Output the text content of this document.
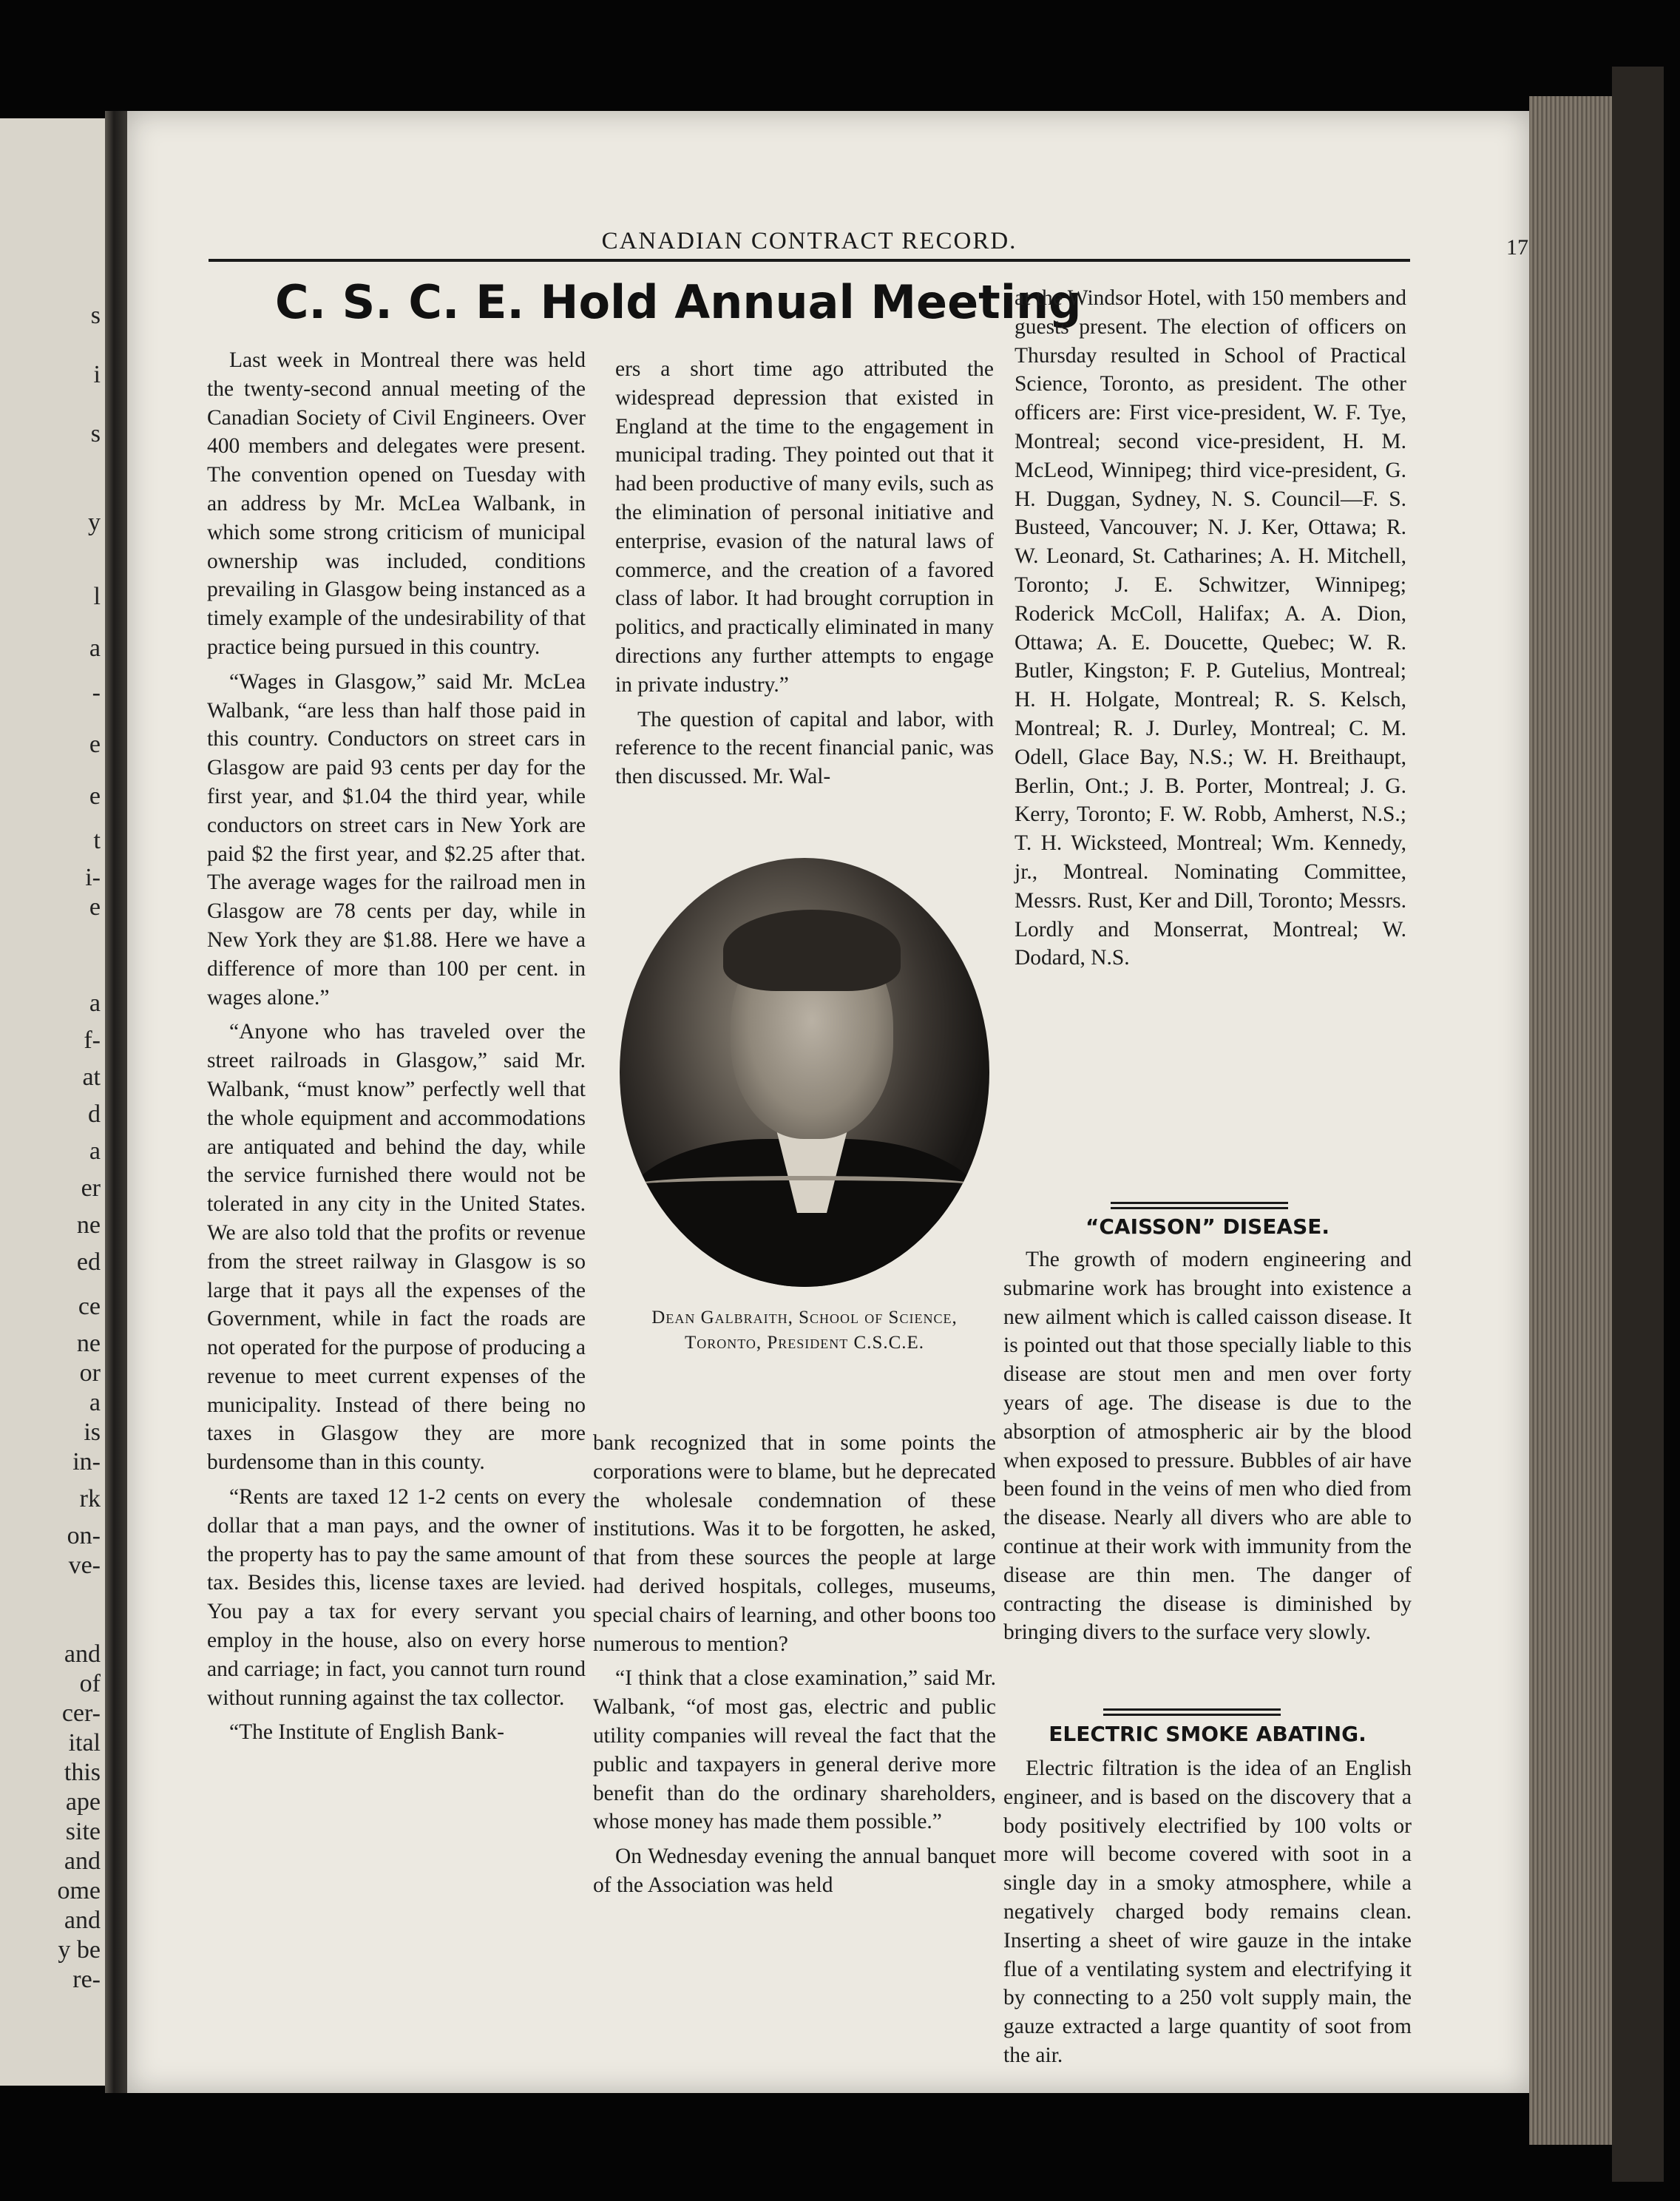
s
i
s
y
l
a
-
e
e
t
i-
e
a
f-
at
d
a
er
ne
ed
ce
ne
or
a
is
in-
rk
on-
ve-
and
of
cer-
ital
this
ape
site
and
ome
and
y be
re-
CANADIAN CONTRACT RECORD.	17
C. S. C. E. Hold Annual Meeting

Last week in Montreal there was held the twenty-second annual meeting of the Canadian Society of Civil Engineers. Over 400 members and delegates were present. The convention opened on Tuesday with an address by Mr. McLea Walbank, in which some strong criticism of municipal ownership was included, conditions prevailing in Glasgow being instanced as a timely example of the undesirability of that practice being pursued in this country.

“Wages in Glasgow,” said Mr. McLea Walbank, “are less than half those paid in this country. Conductors on street cars in Glasgow are paid 93 cents per day for the first year, and $1.04 the third year, while conductors on street cars in New York are paid $2 the first year, and $2.25 after that. The average wages for the railroad men in Glasgow are 78 cents per day, while in New York they are $1.88. Here we have a difference of more than 100 per cent. in wages alone.”

“Anyone who has traveled over the street railroads in Glasgow,” said Mr. Walbank, “must know” perfectly well that the whole equipment and accommodations are antiquated and behind the day, while the service furnished there would not be tolerated in any city in the United States. We are also told that the profits or revenue from the street railway in Glasgow is so large that it pays all the expenses of the Government, while in fact the roads are not operated for the purpose of producing a revenue to meet current expenses of the municipality. Instead of there being no taxes in Glasgow they are more burdensome than in this county.

“Rents are taxed 12 1-2 cents on every dollar that a man pays, and the owner of the property has to pay the same amount of tax. Besides this, license taxes are levied. You pay a tax for every servant you employ in the house, also on every horse and carriage; in fact, you cannot turn round without running against the tax collector.

“The Institute of English Bank-

ers a short time ago attributed the widespread depression that existed in England at the time to the engagement in municipal trading. They pointed out that it had been productive of many evils, such as the elimination of personal initiative and enterprise, evasion of the natural laws of commerce, and the creation of a favored class of labor. It had brought corruption in politics, and practically eliminated in many directions any further attempts to engage in private industry.”

The question of capital and labor, with reference to the recent financial panic, was then discussed. Mr. Wal-

Dean Galbraith, School of Science,
Toronto, President C.S.C.E.

bank recognized that in some points the corporations were to blame, but he deprecated the wholesale condemnation of these institutions. Was it to be forgotten, he asked, that from these sources the people at large had derived hospitals, colleges, museums, special chairs of learning, and other boons too numerous to mention?

“I think that a close examination,” said Mr. Walbank, “of most gas, electric and public utility companies will reveal the fact that the public and taxpayers in general derive more benefit than do the ordinary shareholders, whose money has made them possible.”

On Wednesday evening the annual banquet of the Association was held

at the Windsor Hotel, with 150 members and guests present. The election of officers on Thursday resulted in School of Practical Science, Toronto, as president. The other officers are: First vice-president, W. F. Tye, Montreal; second vice-president, H. M. McLeod, Winnipeg; third vice-president, G. H. Duggan, Sydney, N. S. Council—F. S. Busteed, Vancouver; N. J. Ker, Ottawa; R. W. Leonard, St. Catharines; A. H. Mitchell, Toronto; J. E. Schwitzer, Winnipeg; Roderick McColl, Halifax; A. A. Dion, Ottawa; A. E. Doucette, Quebec; W. R. Butler, Kingston; F. P. Gutelius, Montreal; H. H. Holgate, Montreal; R. S. Kelsch, Montreal; R. J. Durley, Montreal; C. M. Odell, Glace Bay, N.S.; W. H. Breithaupt, Berlin, Ont.; J. B. Porter, Montreal; J. G. Kerry, Toronto; F. W. Robb, Amherst, N.S.; T. H. Wicksteed, Montreal; Wm. Kennedy, jr., Montreal. Nominating Committee, Messrs. Rust, Ker and Dill, Toronto; Messrs. Lordly and Monserrat, Montreal; W. Dodard, N.S.

“CAISSON” DISEASE.

The growth of modern engineering and submarine work has brought into existence a new ailment which is called caisson disease. It is pointed out that those specially liable to this disease are stout men and men over forty years of age. The disease is due to the absorption of atmospheric air by the blood when exposed to pressure. Bubbles of air have been found in the veins of men who died from the disease. Nearly all divers who are able to continue at their work with immunity from the disease are thin men. The danger of contracting the disease is diminished by bringing divers to the surface very slowly.

ELECTRIC SMOKE ABATING.

Electric filtration is the idea of an English engineer, and is based on the discovery that a body positively electrified by 100 volts or more will become covered with soot in a single day in a smoky atmosphere, while a negatively charged body remains clean. Inserting a sheet of wire gauze in the intake flue of a ventilating system and electrifying it by connecting to a 250 volt supply main, the gauze extracted a large quantity of soot from the air.
